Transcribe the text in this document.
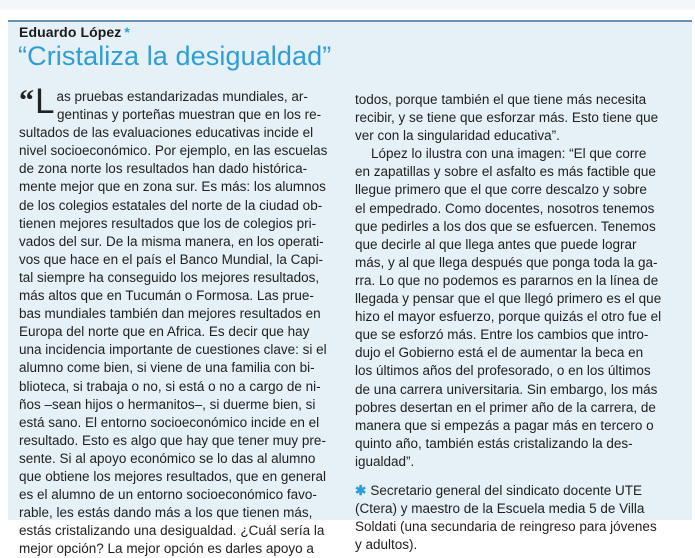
Eduardo López *
“Cristaliza la desigualdad”
“L as pruebas estandarizadas mundiales, ar-
gentinas y porteñas muestran que en los re-
sultados de las evaluaciones educativas incide el
nivel socioeconómico. Por ejemplo, en las escuelas
de zona norte los resultados han dado histórica-
mente mejor que en zona sur. Es más: los alumnos
de los colegios estatales del norte de la ciudad ob-
tienen mejores resultados que los de colegios pri-
vados del sur. De la misma manera, en los operati-
vos que hace en el país el Banco Mundial, la Capi-
tal siempre ha conseguido los mejores resultados,
más altos que en Tucumán o Formosa. Las prue-
bas mundiales también dan mejores resultados en
Europa del norte que en Africa. Es decir que hay
una incidencia importante de cuestiones clave: si el
alumno come bien, si viene de una familia con bi-
blioteca, si trabaja o no, si está o no a cargo de ni-
ños –sean hijos o hermanitos–, si duerme bien, si
está sano. El entorno socioeconómico incide en el
resultado. Esto es algo que hay que tener muy pre-
sente. Si al apoyo económico se lo das al alumno
que obtiene los mejores resultados, que en general
es el alumno de un entorno socioeconómico favo-
rable, les estás dando más a los que tienen más,
estás cristalizando una desigualdad. ¿Cuál sería la
mejor opción? La mejor opción es darles apoyo a
todos, porque también el que tiene más necesita
recibir, y se tiene que esforzar más. Esto tiene que
ver con la singularidad educativa”.
López lo ilustra con una imagen: “El que corre
en zapatillas y sobre el asfalto es más factible que
llegue primero que el que corre descalzo y sobre
el empedrado. Como docentes, nosotros tenemos
que pedirles a los dos que se esfuercen. Tenemos
que decirle al que llega antes que puede lograr
más, y al que llega después que ponga toda la ga-
rra. Lo que no podemos es pararnos en la línea de
llegada y pensar que el que llegó primero es el que
hizo el mayor esfuerzo, porque quizás el otro fue el
que se esforzó más. Entre los cambios que intro-
dujo el Gobierno está el de aumentar la beca en
los últimos años del profesorado, o en los últimos
de una carrera universitaria. Sin embargo, los más
pobres desertan en el primer año de la carrera, de
manera que si empezás a pagar más en tercero o
quinto año, también estás cristalizando la des-
igualdad”.
✱ Secretario general del sindicato docente UTE
(Ctera) y maestro de la Escuela media 5 de Villa
Soldati (una secundaria de reingreso para jóvenes
y adultos).
